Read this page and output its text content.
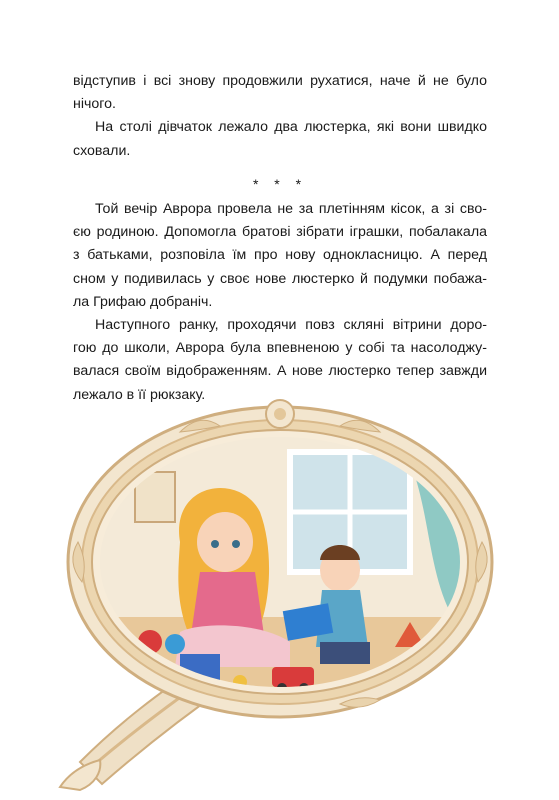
відступив і всі знову продовжили рухатися, наче й не було
нічого.
На столі дівчаток лежало два люстерка, які вони швидко
сховали.
* * *
Той вечір Аврора провела не за плетінням кісок, а зі сво-
єю родиною. Допомогла братові зібрати іграшки, побалакала
з батьками, розповіла їм про нову однокласницю. А перед
сном у подивилась у своє нове люстерко й подумки побажа-
ла Грифаю добраніч.
Наступного ранку, проходячи повз скляні вітрини доро-
гою до школи, Аврора була впевненою у собі та насолоджу-
валася своїм відображенням. А нове люстерко тепер завжди
лежало в її рюкзаку.
